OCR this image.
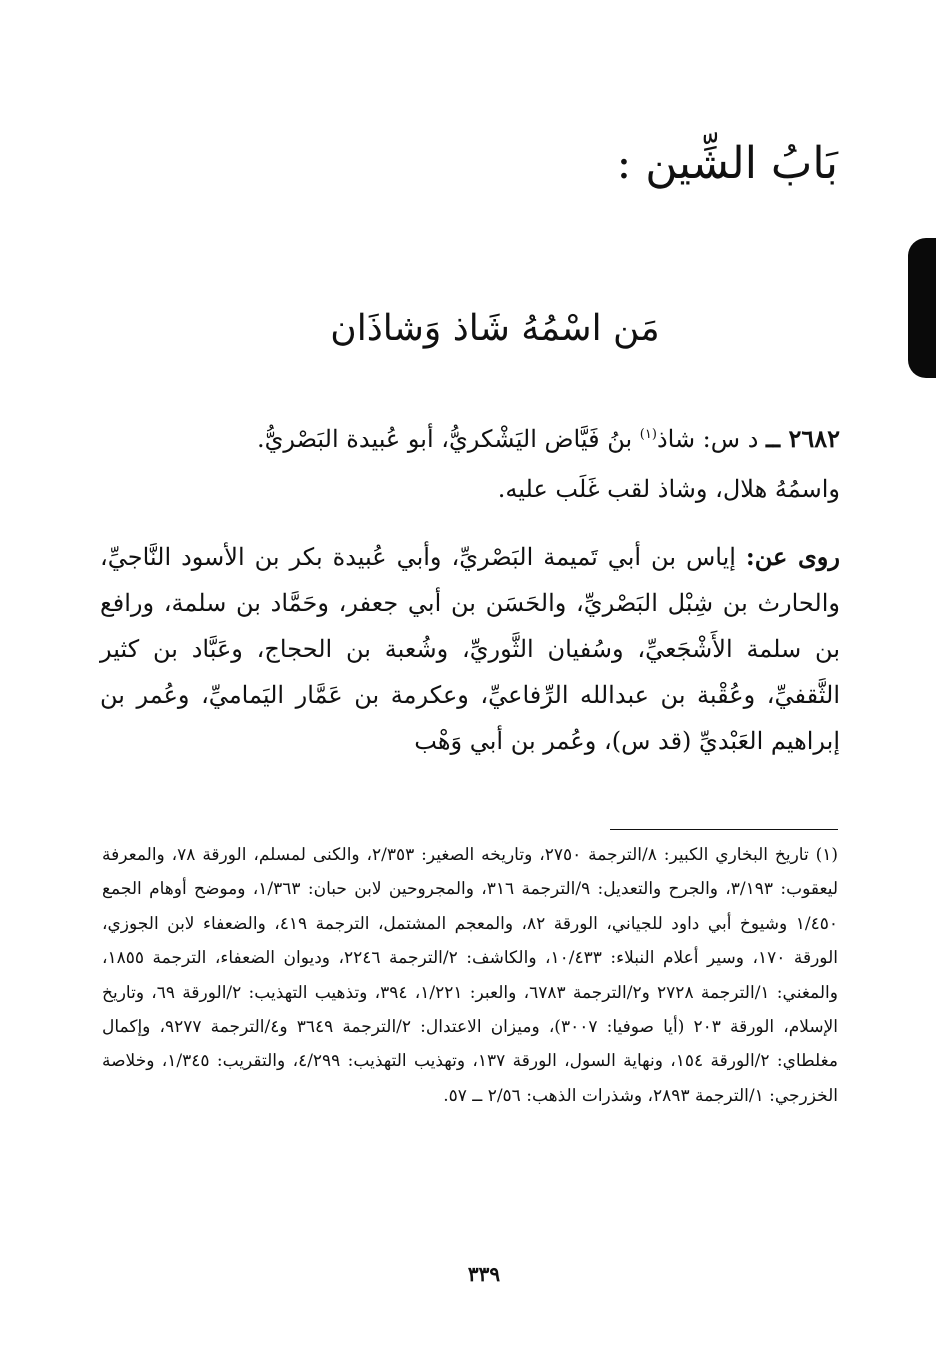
بَابُ الشِّين :
مَن اسْمُهُ شَاذ وَشاذَان

٢٦٨٢ ــ د س: شاذ$^{(١)}$ بنُ فَيَّاض اليَشْكريُّ، أبو عُبيدة البَصْريُّ.

واسمُهُ هلال، وشاذ لقب غَلَب عليه.

روى عن: إياس بن أبي تَميمة البَصْريِّ، وأبي عُبيدة بكر بن الأسود النَّاجيِّ، والحارث بن شِبْل البَصْريِّ، والحَسَن بن أبي جعفر، وحَمَّاد بن سلمة، ورافع بن سلمة الأَشْجَعيِّ، وسُفيان الثَّوريِّ، وشُعبة بن الحجاج، وعَبَّاد بن كثير الثَّقفيِّ، وعُقْبة بن عبدالله الرِّفاعيِّ، وعكرمة بن عَمَّار اليَماميِّ، وعُمر بن إبراهيم العَبْديِّ (قد س)، وعُمر بن أبي وَهْب

(١) تاريخ البخاري الكبير: ٨/الترجمة ٢٧٥٠، وتاريخه الصغير: ٢/٣٥٣، والكنى لمسلم، الورقة ٧٨، والمعرفة ليعقوب: ٣/١٩٣، والجرح والتعديل: ٩/الترجمة ٣١٦، والمجروحين لابن حبان: ١/٣٦٣، وموضح أوهام الجمع ١/٤٥٠ وشيوخ أبي داود للجياني، الورقة ٨٢، والمعجم المشتمل، الترجمة ٤١٩، والضعفاء لابن الجوزي، الورقة ١٧٠، وسير أعلام النبلاء: ١٠/٤٣٣، والكاشف: ٢/الترجمة ٢٢٤٦، وديوان الضعفاء، الترجمة ١٨٥٥، والمغني: ١/الترجمة ٢٧٢٨ و٢/الترجمة ٦٧٨٣، والعبر: ١/٢٢١، ٣٩٤، وتذهيب التهذيب: ٢/الورقة ٦٩، وتاريخ الإسلام، الورقة ٢٠٣ (أيا صوفيا: ٣٠٠٧)، وميزان الاعتدال: ٢/الترجمة ٣٦٤٩ و٤/الترجمة ٩٢٧٧، وإكمال مغلطاي: ٢/الورقة ١٥٤، ونهاية السول، الورقة ١٣٧، وتهذيب التهذيب: ٤/٢٩٩، والتقريب: ١/٣٤٥، وخلاصة الخزرجي: ١/الترجمة ٢٨٩٣، وشذرات الذهب: ٢/٥٦ ــ ٥٧.

٣٣٩
